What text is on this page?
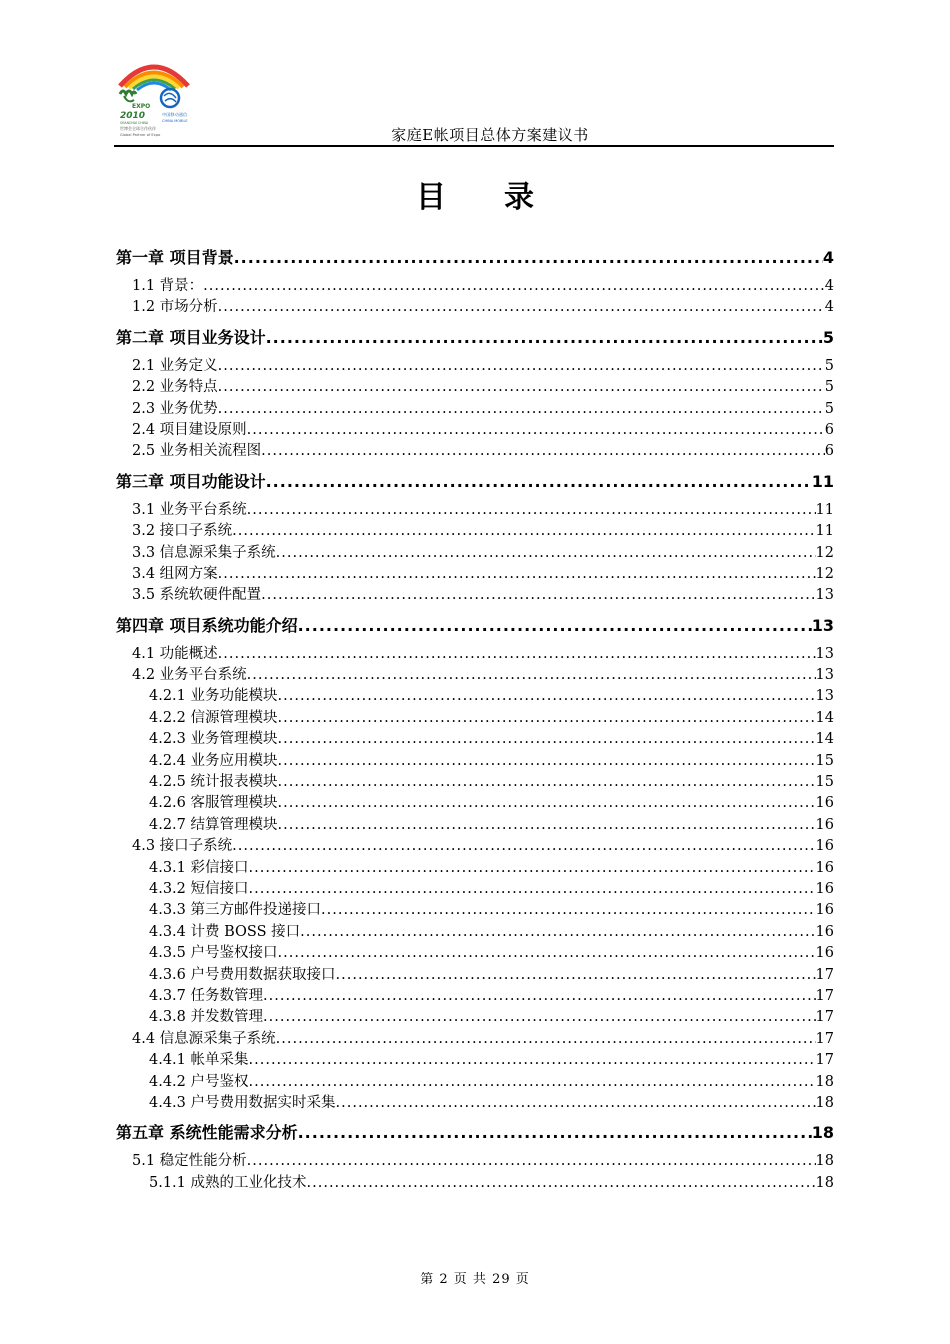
EXPO
2010
SHANGHAI CHINA
中国移动通信
CHINA MOBILE
世博会全球合作伙伴
Global Partner of Expo	家庭E帐项目总体方案建议书
目录
第一章 项目背景 .....	4
1.1 背景： .....	4
1.2 市场分析 .....	4
第二章 项目业务设计 .....	5
2.1 业务定义 .....	5
2.2 业务特点 .....	5
2.3 业务优势 .....	5
2.4 项目建设原则 .....	6
2.5 业务相关流程图 .....	6
第三章 项目功能设计 .....	11
3.1 业务平台系统 .....	11
3.2 接口子系统 .....	11
3.3 信息源采集子系统 .....	12
3.4 组网方案 .....	12
3.5 系统软硬件配置 .....	13
第四章 项目系统功能介绍 .....	13
4.1 功能概述 .....	13
4.2 业务平台系统 .....	13
4.2.1 业务功能模块 .....	13
4.2.2 信源管理模块 .....	14
4.2.3 业务管理模块 .....	14
4.2.4 业务应用模块 .....	15
4.2.5 统计报表模块 .....	15
4.2.6 客服管理模块 .....	16
4.2.7 结算管理模块 .....	16
4.3 接口子系统 .....	16
4.3.1 彩信接口 .....	16
4.3.2 短信接口 .....	16
4.3.3 第三方邮件投递接口 .....	16
4.3.4 计费 BOSS 接口 .....	16
4.3.5 户号鉴权接口 .....	16
4.3.6 户号费用数据获取接口 .....	17
4.3.7 任务数管理 .....	17
4.3.8 并发数管理 .....	17
4.4 信息源采集子系统 .....	17
4.4.1 帐单采集 .....	17
4.4.2 户号鉴权 .....	18
4.4.3 户号费用数据实时采集 .....	18
第五章 系统性能需求分析 .....	18
5.1 稳定性能分析 .....	18
5.1.1 成熟的工业化技术 .....	18
第 2 页 共 29 页
